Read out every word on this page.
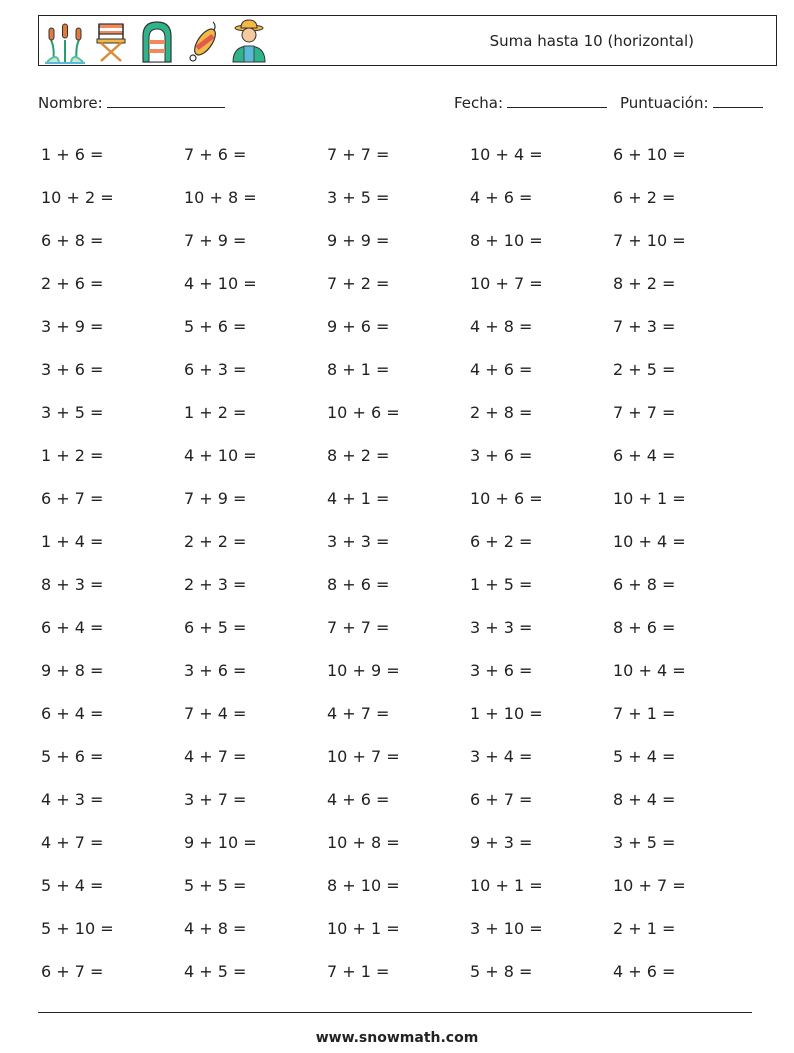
Suma hasta 10 (horizontal)
Nombre:	Fecha:	Puntuación:
1 + 6 =	7 + 6 =	7 + 7 =	10 + 4 =	6 + 10 =
10 + 2 =	10 + 8 =	3 + 5 =	4 + 6 =	6 + 2 =
6 + 8 =	7 + 9 =	9 + 9 =	8 + 10 =	7 + 10 =
2 + 6 =	4 + 10 =	7 + 2 =	10 + 7 =	8 + 2 =
3 + 9 =	5 + 6 =	9 + 6 =	4 + 8 =	7 + 3 =
3 + 6 =	6 + 3 =	8 + 1 =	4 + 6 =	2 + 5 =
3 + 5 =	1 + 2 =	10 + 6 =	2 + 8 =	7 + 7 =
1 + 2 =	4 + 10 =	8 + 2 =	3 + 6 =	6 + 4 =
6 + 7 =	7 + 9 =	4 + 1 =	10 + 6 =	10 + 1 =
1 + 4 =	2 + 2 =	3 + 3 =	6 + 2 =	10 + 4 =
8 + 3 =	2 + 3 =	8 + 6 =	1 + 5 =	6 + 8 =
6 + 4 =	6 + 5 =	7 + 7 =	3 + 3 =	8 + 6 =
9 + 8 =	3 + 6 =	10 + 9 =	3 + 6 =	10 + 4 =
6 + 4 =	7 + 4 =	4 + 7 =	1 + 10 =	7 + 1 =
5 + 6 =	4 + 7 =	10 + 7 =	3 + 4 =	5 + 4 =
4 + 3 =	3 + 7 =	4 + 6 =	6 + 7 =	8 + 4 =
4 + 7 =	9 + 10 =	10 + 8 =	9 + 3 =	3 + 5 =
5 + 4 =	5 + 5 =	8 + 10 =	10 + 1 =	10 + 7 =
5 + 10 =	4 + 8 =	10 + 1 =	3 + 10 =	2 + 1 =
6 + 7 =	4 + 5 =	7 + 1 =	5 + 8 =	4 + 6 =
www.snowmath.com
